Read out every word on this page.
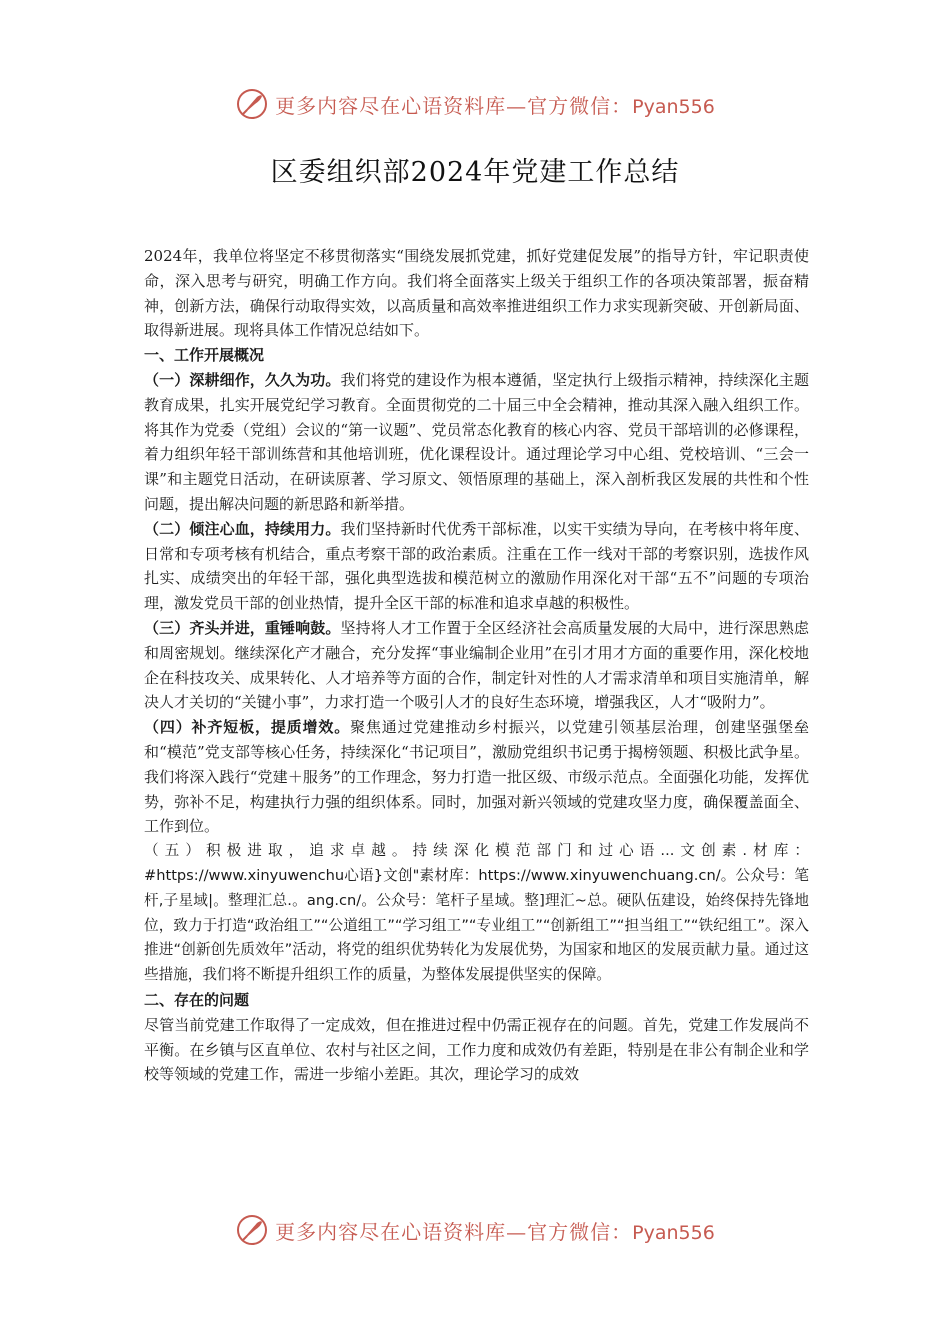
更多内容尽在心语资料库—官方微信：Pyan556
区委组织部2024年党建工作总结

2024年，我单位将坚定不移贯彻落实“围绕发展抓党建，抓好党建促发展”的指导方针，牢记职责使命，深入思考与研究，明确工作方向。我们将全面落实上级关于组织工作的各项决策部署，振奋精神，创新方法，确保行动取得实效，以高质量和高效率推进组织工作力求实现新突破、开创新局面、取得新进展。现将具体工作情况总结如下。

一、工作开展概况

（一）深耕细作，久久为功。我们将党的建设作为根本遵循，坚定执行上级指示精神，持续深化主题教育成果，扎实开展党纪学习教育。全面贯彻党的二十届三中全会精神，推动其深入融入组织工作。将其作为党委（党组）会议的“第一议题”、党员常态化教育的核心内容、党员干部培训的必修课程，着力组织年轻干部训练营和其他培训班，优化课程设计。通过理论学习中心组、党校培训、“三会一课”和主题党日活动，在研读原著、学习原文、领悟原理的基础上，深入剖析我区发展的共性和个性问题，提出解决问题的新思路和新举措。

（二）倾注心血，持续用力。我们坚持新时代优秀干部标准，以实干实绩为导向，在考核中将年度、日常和专项考核有机结合，重点考察干部的政治素质。注重在工作一线对干部的考察识别，选拔作风扎实、成绩突出的年轻干部，强化典型选拔和模范树立的激励作用深化对干部“五不”问题的专项治理，激发党员干部的创业热情，提升全区干部的标准和追求卓越的积极性。

（三）齐头并进，重锤响鼓。坚持将人才工作置于全区经济社会高质量发展的大局中，进行深思熟虑和周密规划。继续深化产才融合，充分发挥“事业编制企业用”在引才用才方面的重要作用，深化校地企在科技攻关、成果转化、人才培养等方面的合作，制定针对性的人才需求清单和项目实施清单，解决人才关切的“关键小事”，力求打造一个吸引人才的良好生态环境，增强我区，人才“吸附力”。

（四）补齐短板，提质增效。聚焦通过党建推动乡村振兴，以党建引领基层治理，创建坚强堡垒和“模范”党支部等核心任务，持续深化“书记项目”，激励党组织书记勇于揭榜领题、积极比武争星。我们将深入践行“党建＋服务”的工作理念，努力打造一批区级、市级示范点。全面强化功能，发挥优势，弥补不足，构建执行力强的组织体系。同时，加强对新兴领域的党建攻坚力度，确保覆盖面全、工作到位。

（五）积极进取，追求卓越。持续深化模范部门和过心语...文创素.材库：#https://www.xinyuwenchu心语}文创"素材库：https://www.xinyuwenchuang.cn/。公众号：笔杆,子星域|。整理汇总.。ang.cn/。公众号：笔杆子星域。整]理汇~总。硬队伍建设，始终保持先锋地位，致力于打造“政治组工”“公道组工”“学习组工”“专业组工”“创新组工”“担当组工”“铁纪组工”。深入推进“创新创先质效年”活动，将党的组织优势转化为发展优势，为国家和地区的发展贡献力量。通过这些措施，我们将不断提升组织工作的质量，为整体发展提供坚实的保障。

二、存在的问题

尽管当前党建工作取得了一定成效，但在推进过程中仍需正视存在的问题。首先，党建工作发展尚不平衡。在乡镇与区直单位、农村与社区之间，工作力度和成效仍有差距，特别是在非公有制企业和学校等领域的党建工作，需进一步缩小差距。其次，理论学习的成效

更多内容尽在心语资料库—官方微信：Pyan556
